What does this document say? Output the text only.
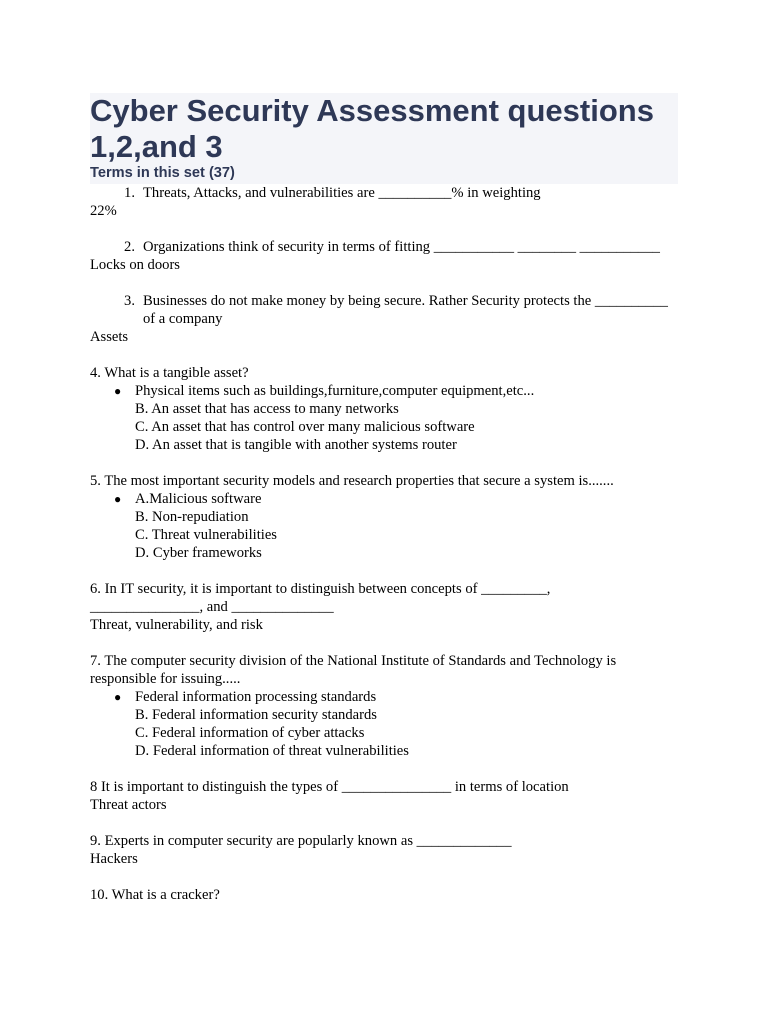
Cyber Security Assessment questions 1,2,and 3
Terms in this set (37)
1. Threats, Attacks, and vulnerabilities are __________% in weighting
22%
2. Organizations think of security in terms of fitting ___________ ________ ___________
Locks on doors
3. Businesses do not make money by being secure. Rather Security protects the __________ of a company
Assets
4. What is a tangible asset?
● Physical items such as buildings,furniture,computer equipment,etc...
B. An asset that has access to many networks
C. An asset that has control over many malicious software
D. An asset that is tangible with another systems router
5. The most important security models and research properties that secure a system is.......
● A.Malicious software
B. Non-repudiation
C. Threat vulnerabilities
D. Cyber frameworks
6. In IT security, it is important to distinguish between concepts of _________, _______________, and ______________
Threat, vulnerability, and risk
7. The computer security division of the National Institute of Standards and Technology is responsible for issuing.....
● Federal information processing standards
B. Federal information security standards
C. Federal information of cyber attacks
D. Federal information of threat vulnerabilities
8 It is important to distinguish the types of _______________ in terms of location
Threat actors
9. Experts in computer security are popularly known as _____________
Hackers
10. What is a cracker?
